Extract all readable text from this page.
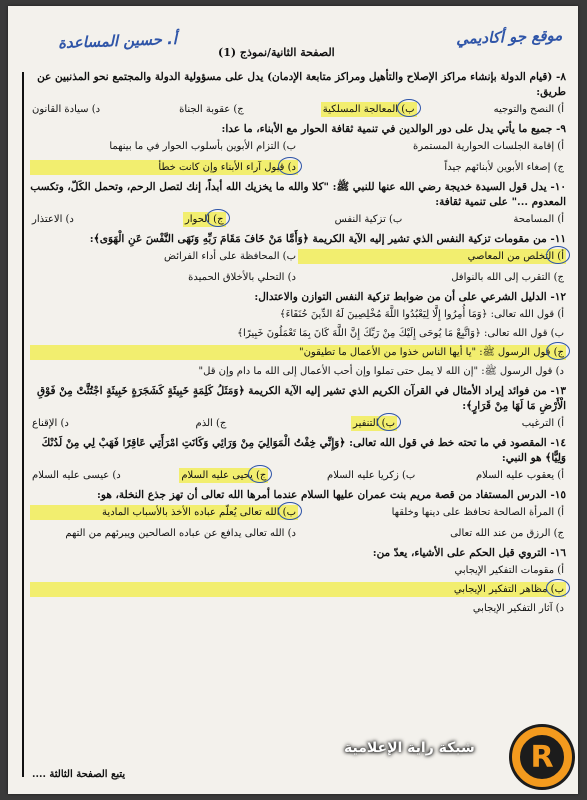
أ. حسين المساعدة	موقع جو أكاديمي
الصفحة الثانية/نموذج (1)
٨- (قيام الدولة بإنشاء مراكز الإصلاح والتأهيل ومراكز متابعة الإدمان) يدل على مسؤولية الدولة والمجتمع نحو المذنبين عن طريق:
أ) النصح والتوجيه
ب) المعالجة المسلكية
ج) عقوبة الجناة
د) سيادة القانون
٩- جميع ما يأتي يدل على دور الوالدين في تنمية ثقافة الحوار مع الأبناء، ما عدا:
أ) إقامة الجلسات الحوارية المستمرة
ب) التزام الأبوين بأسلوب الحوار في ما بينهما
ج) إصغاء الأبوين لأبنائهم جيداً
د) قبول آراء الأبناء وإن كانت خطأ
١٠- يدل قول السيدة خديجة رضي الله عنها للنبي ﷺ: "كلا والله ما يخزيك الله أبداً، إنك لتصل الرحم، وتحمل الكَلّ، وتكسب المعدوم ..." على تنمية ثقافة:
أ) المسامحة
ب) تزكية النفس
ج) الحوار
د) الاعتذار
١١- من مقومات تزكية النفس الذي تشير إليه الآية الكريمة ﴿وَأَمَّا مَنْ خَافَ مَقَامَ رَبِّهِ وَنَهَى النَّفْسَ عَنِ الْهَوَى﴾:
أ) التخلص من المعاصي
ب) المحافظة على أداء الفرائض
ج) التقرب إلى الله بالنوافل
د) التحلي بالأخلاق الحميدة
١٢- الدليل الشرعي على أن من ضوابط تزكية النفس التوازن والاعتدال:
أ) قول الله تعالى: ﴿وَمَا أُمِرُوا إِلَّا لِيَعْبُدُوا اللَّهَ مُخْلِصِينَ لَهُ الدِّينَ حُنَفَاءَ﴾
ب) قول الله تعالى: ﴿وَاتَّبِعْ مَا يُوحَى إِلَيْكَ مِنْ رَبِّكَ إِنَّ اللَّهَ كَانَ بِمَا تَعْمَلُونَ خَبِيرًا﴾
ج) قول الرسول ﷺ: "يا أيها الناس خذوا من الأعمال ما تطيقون"
د) قول الرسول ﷺ: "إن الله لا يمل حتى تملوا وإن أحب الأعمال إلى الله ما دام وإن قل"
١٣- من فوائد إيراد الأمثال في القرآن الكريم الذي تشير إليه الآية الكريمة ﴿وَمَثَلُ كَلِمَةٍ خَبِيثَةٍ كَشَجَرَةٍ خَبِيثَةٍ اجْتُثَّتْ مِنْ فَوْقِ الْأَرْضِ مَا لَهَا مِنْ قَرَارٍ﴾:
أ) الترغيب
ب) التنفير
ج) الذم
د) الإقناع
١٤- المقصود في ما تحته خط في قول الله تعالى: ﴿وَإِنِّي خِفْتُ الْمَوَالِيَ مِنْ وَرَائِي وَكَانَتِ امْرَأَتِي عَاقِرًا فَهَبْ لِي مِنْ لَدُنْكَ وَلِيًّا﴾ هو النبي:
أ) يعقوب عليه السلام
ب) زكريا عليه السلام
ج) يحيى عليه السلام
د) عيسى عليه السلام
١٥- الدرس المستفاد من قصة مريم بنت عمران عليها السلام عندما أمرها الله تعالى أن تهز جذع النخلة، هو:
أ) المرأة الصالحة تحافظ على دينها وخلقها
ب) الله تعالى يُعلّم عباده الأخذ بالأسباب المادية
ج) الرزق من عند الله تعالى
د) الله تعالى يدافع عن عباده الصالحين ويبرئهم من التهم
١٦- التروي قبل الحكم على الأشياء، يعدّ من:
أ) مقومات التفكير الإيجابي
ب) مظاهر التفكير الإيجابي
د) آثار التفكير الإيجابي
يتبع الصفحة الثالثة ....
شبكة راية الإعلامية R
